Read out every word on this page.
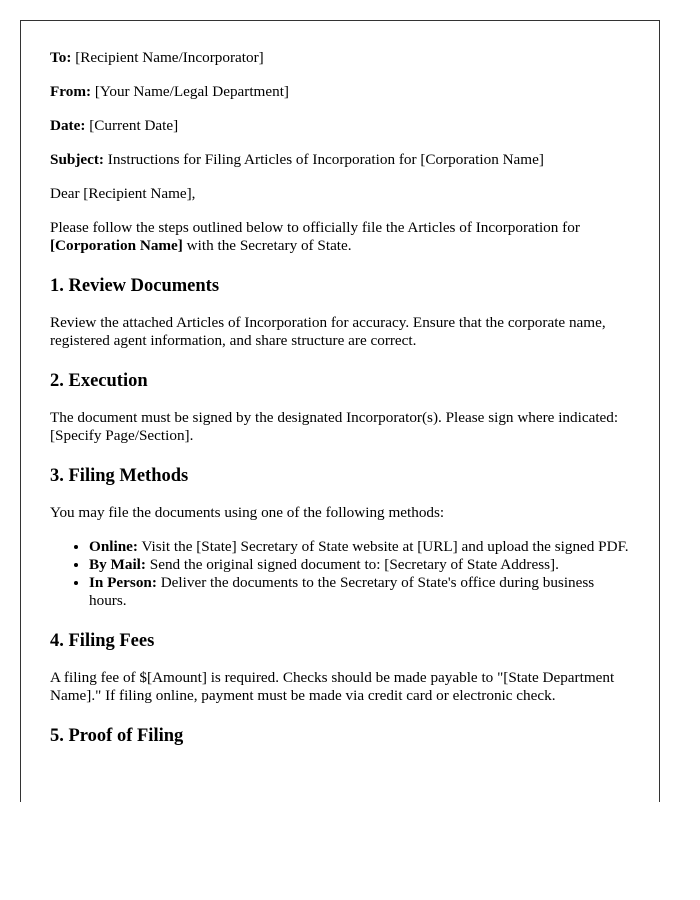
To: [Recipient Name/Incorporator]

From: [Your Name/Legal Department]

Date: [Current Date]

Subject: Instructions for Filing Articles of Incorporation for [Corporation Name]

Dear [Recipient Name],

Please follow the steps outlined below to officially file the Articles of Incorporation for [Corporation Name] with the Secretary of State.

1. Review Documents

Review the attached Articles of Incorporation for accuracy. Ensure that the corporate name, registered agent information, and share structure are correct.

2. Execution

The document must be signed by the designated Incorporator(s). Please sign where indicated: [Specify Page/Section].

3. Filing Methods

You may file the documents using one of the following methods:

• Online: Visit the [State] Secretary of State website at [URL] and upload the signed PDF.
• By Mail: Send the original signed document to: [Secretary of State Address].
• In Person: Deliver the documents to the Secretary of State's office during business hours.
4. Filing Fees

A filing fee of $[Amount] is required. Checks should be made payable to "[State Department Name]." If filing online, payment must be made via credit card or electronic check.

5. Proof of Filing
